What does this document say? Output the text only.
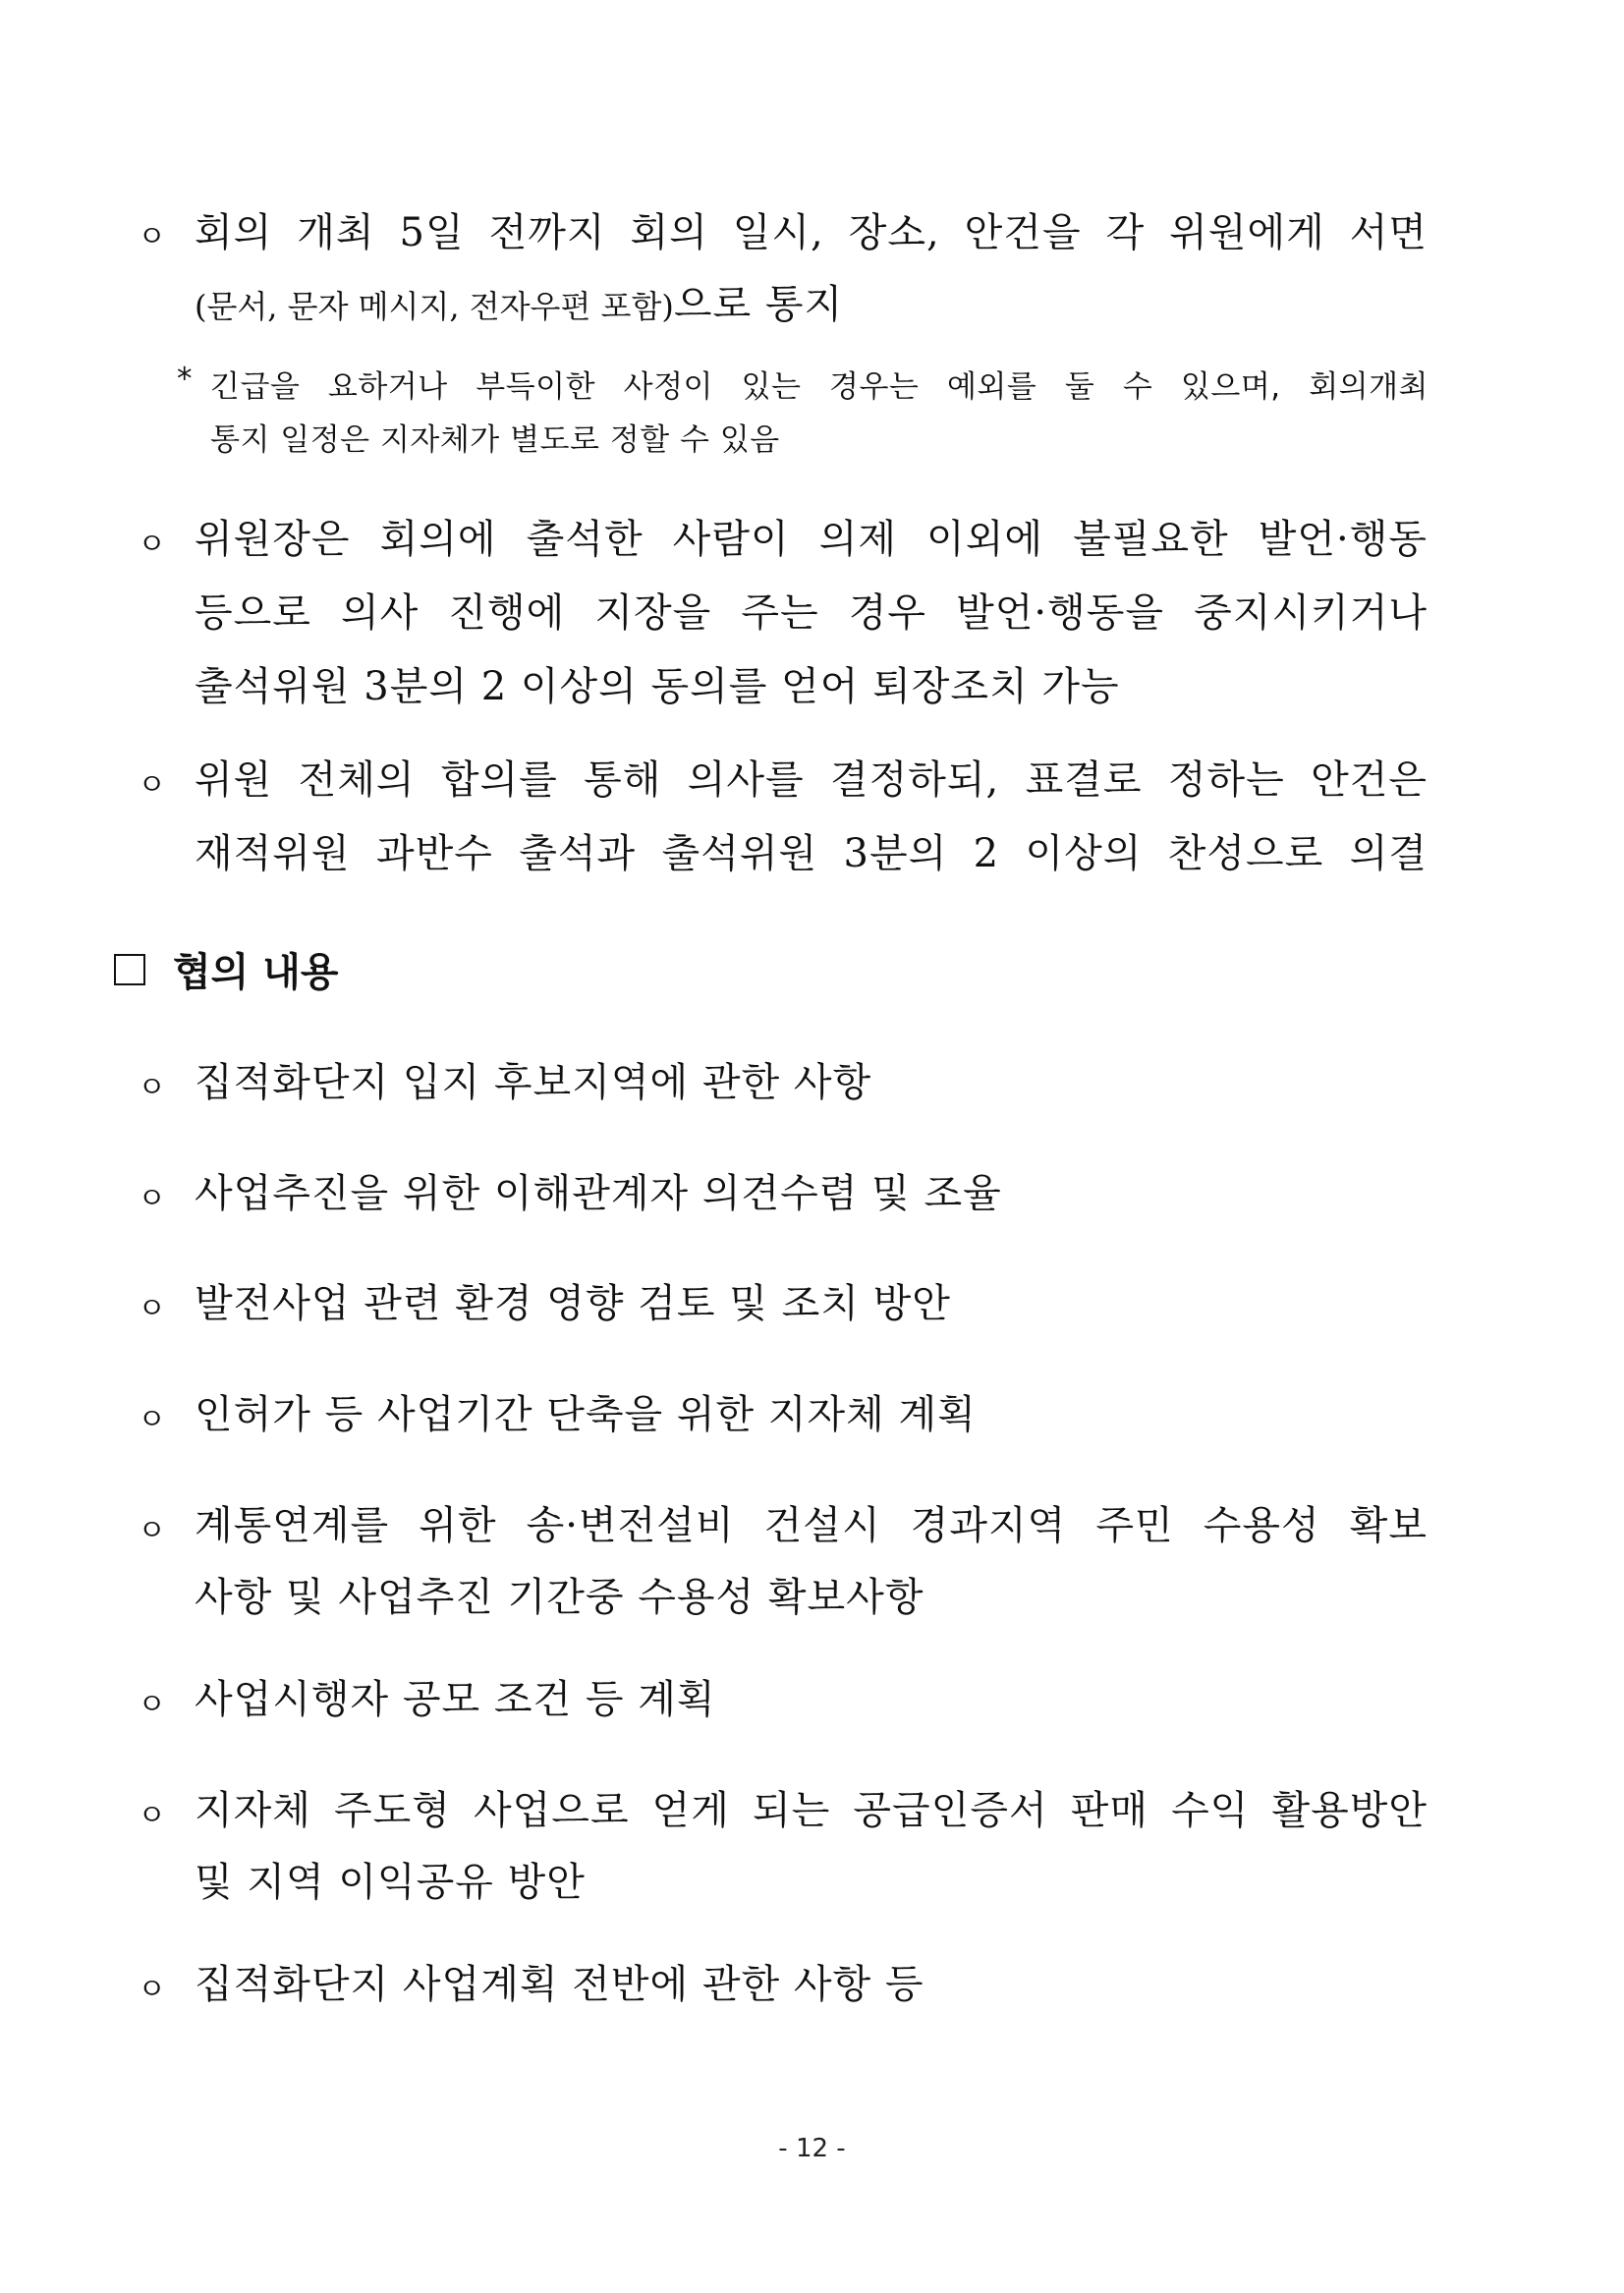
ㅇ 회의 개최 5일 전까지 회의 일시, 장소, 안건을 각 위원에게 서면
(문서, 문자 메시지, 전자우편 포함)으로 통지
* 긴급을 요하거나 부득이한 사정이 있는 경우는 예외를 둘 수 있으며, 회의개최
통지 일정은 지자체가 별도로 정할 수 있음
ㅇ 위원장은 회의에 출석한 사람이 의제 이외에 불필요한 발언·행동
등으로 의사 진행에 지장을 주는 경우 발언·행동을 중지시키거나
출석위원 3분의 2 이상의 동의를 얻어 퇴장조치 가능
ㅇ 위원 전체의 합의를 통해 의사를 결정하되, 표결로 정하는 안건은
재적위원 과반수 출석과 출석위원 3분의 2 이상의 찬성으로 의결
협의 내용
ㅇ 집적화단지 입지 후보지역에 관한 사항
ㅇ 사업추진을 위한 이해관계자 의견수렴 및 조율
ㅇ 발전사업 관련 환경 영향 검토 및 조치 방안
ㅇ 인허가 등 사업기간 단축을 위한 지자체 계획
ㅇ 계통연계를 위한 송·변전설비 건설시 경과지역 주민 수용성 확보
사항 및 사업추진 기간중 수용성 확보사항
ㅇ 사업시행자 공모 조건 등 계획
ㅇ 지자체 주도형 사업으로 얻게 되는 공급인증서 판매 수익 활용방안
및 지역 이익공유 방안
ㅇ 집적화단지 사업계획 전반에 관한 사항 등
- 12 -
